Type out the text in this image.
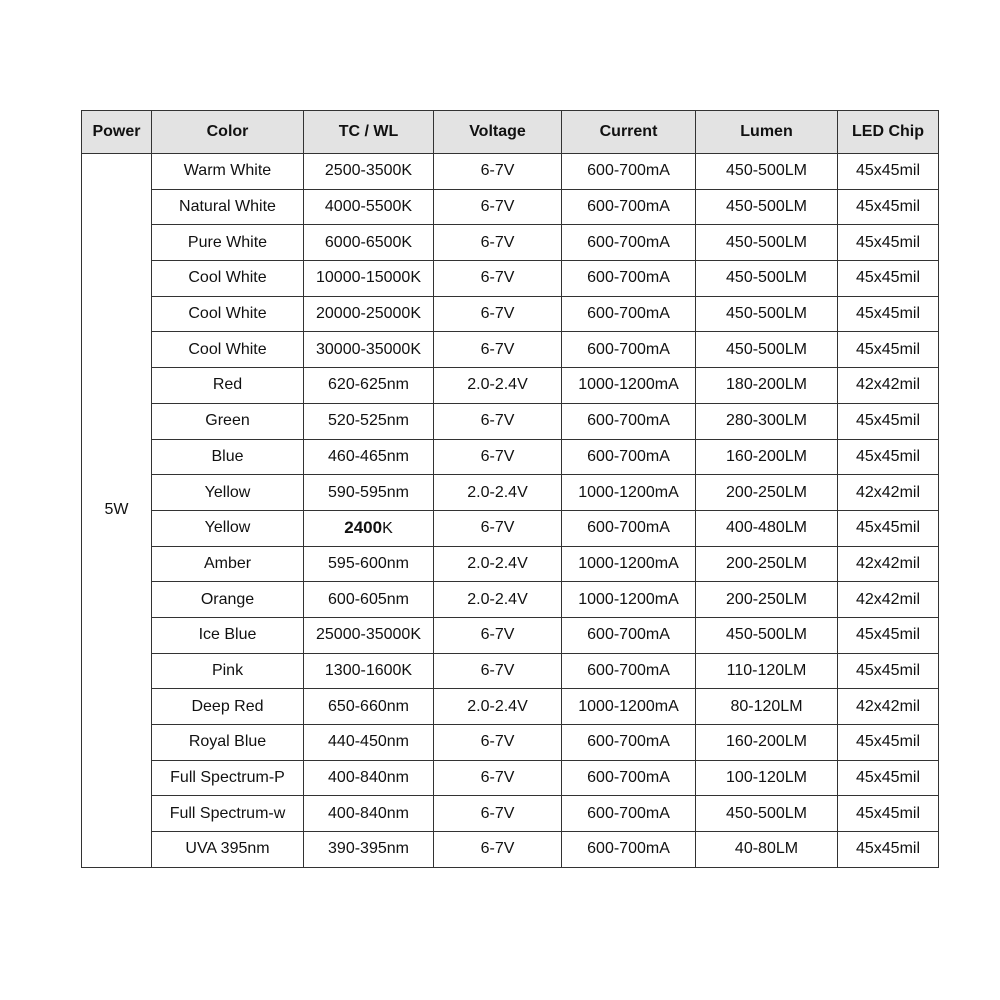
Power	Color	TC / WL	Voltage	Current	Lumen	LED Chip
5W	Warm White	2500-3500K	6-7V	600-700mA	450-500LM	45x45mil
	Natural White	4000-5500K	6-7V	600-700mA	450-500LM	45x45mil
	Pure White	6000-6500K	6-7V	600-700mA	450-500LM	45x45mil
	Cool White	10000-15000K	6-7V	600-700mA	450-500LM	45x45mil
	Cool White	20000-25000K	6-7V	600-700mA	450-500LM	45x45mil
	Cool White	30000-35000K	6-7V	600-700mA	450-500LM	45x45mil
	Red	620-625nm	2.0-2.4V	1000-1200mA	180-200LM	42x42mil
	Green	520-525nm	6-7V	600-700mA	280-300LM	45x45mil
	Blue	460-465nm	6-7V	600-700mA	160-200LM	45x45mil
	Yellow	590-595nm	2.0-2.4V	1000-1200mA	200-250LM	42x42mil
	Yellow	2400K	6-7V	600-700mA	400-480LM	45x45mil
	Amber	595-600nm	2.0-2.4V	1000-1200mA	200-250LM	42x42mil
	Orange	600-605nm	2.0-2.4V	1000-1200mA	200-250LM	42x42mil
	Ice Blue	25000-35000K	6-7V	600-700mA	450-500LM	45x45mil
	Pink	1300-1600K	6-7V	600-700mA	110-120LM	45x45mil
	Deep Red	650-660nm	2.0-2.4V	1000-1200mA	80-120LM	42x42mil
	Royal Blue	440-450nm	6-7V	600-700mA	160-200LM	45x45mil
	Full Spectrum-P	400-840nm	6-7V	600-700mA	100-120LM	45x45mil
	Full Spectrum-w	400-840nm	6-7V	600-700mA	450-500LM	45x45mil
	UVA 395nm	390-395nm	6-7V	600-700mA	40-80LM	45x45mil
